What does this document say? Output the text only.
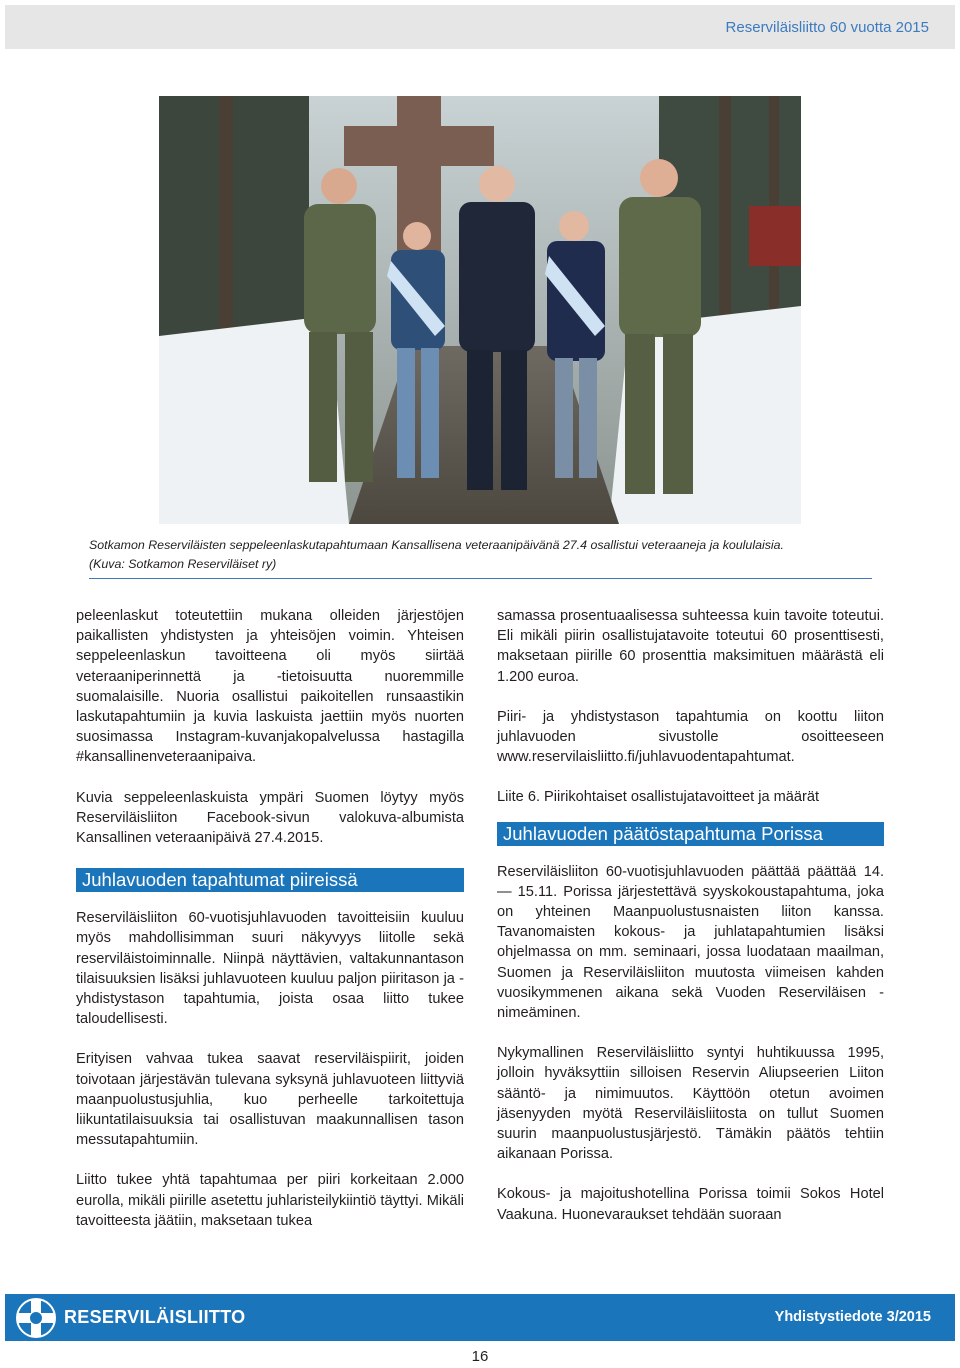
Reserviläisliitto 60 vuotta 2015
Sotkamon Reserviläisten seppeleenlaskutapahtumaan Kansallisena veteraanipäivänä 27.4 osallistui veteraaneja ja koululaisia.
(Kuva: Sotkamon Reserviläiset ry)

peleenlaskut toteutettiin mukana olleiden järjestöjen paikallisten yhdistysten ja yhteisöjen voimin. Yhteisen seppeleenlaskun tavoitteena oli myös siirtää veteraaniperinnettä ja -tietoisuutta nuoremmille suomalaisille. Nuoria osallistui paikoitellen runsaastikin laskutapahtumiin ja kuvia laskuista jaettiin myös nuorten suosimassa Instagram-kuvanjakopalvelussa hastagilla #kansallinenveteraanipaiva.

Kuvia seppeleenlaskuista ympäri Suomen löytyy myös Reserviläisliiton Facebook-sivun valokuva-albumista Kansallinen veteraanipäivä 27.4.2015.

Juhlavuoden tapahtumat piireissä

Reserviläisliiton 60-vuotisjuhlavuoden tavoitteisiin kuuluu myös mahdollisimman suuri näkyvyys liitolle sekä reserviläistoiminnalle. Niinpä näyttävien, valtakunnantason tilaisuuksien lisäksi juhlavuoteen kuuluu paljon piiritason ja -yhdistystason tapahtumia, joista osaa liitto tukee taloudellisesti.

Erityisen vahvaa tukea saavat reserviläispiirit, joiden toivotaan järjestävän tulevana syksynä juhlavuoteen liittyviä maanpuolustusjuhlia, kuo perheelle tarkoitettuja liikuntatilaisuuksia tai osallistuvan maakunnallisen tason messutapahtumiin.

Liitto tukee yhtä tapahtumaa per piiri korkeitaan 2.000 eurolla, mikäli piirille asetettu juhlaristeilykiintiö täyttyi. Mikäli tavoitteesta jäätiin, maksetaan tukea

samassa prosentuaalisessa suhteessa kuin tavoite toteutui. Eli mikäli piirin osallistujatavoite toteutui 60 prosenttisesti, maksetaan piirille 60 prosenttia maksimituen määrästä eli 1.200 euroa.

Piiri- ja yhdistystason tapahtumia on koottu liiton juhlavuoden sivustolle osoitteeseen www.reservilaisliitto.fi/juhlavuodentapahtumat.

Liite 6. Piirikohtaiset osallistujatavoitteet ja määrät

Juhlavuoden päätöstapahtuma Porissa

Reserviläisliiton 60-vuotisjuhlavuoden päättää päättää 14. — 15.11. Porissa järjestettävä syyskokoustapahtuma, joka on yhteinen Maanpuolustusnaisten liiton kanssa. Tavanomaisten kokous- ja juhlatapahtumien lisäksi ohjelmassa on mm. seminaari, jossa luodataan maailman, Suomen ja Reserviläisliiton muutosta viimeisen kahden vuosikymmenen aikana sekä Vuoden Reserviläisen -nimeäminen.

Nykymallinen Reserviläisliitto syntyi huhtikuussa 1995, jolloin hyväksyttiin silloisen Reservin Aliupseerien Liiton sääntö- ja nimimuutos. Käyttöön otetun avoimen jäsenyyden myötä Reserviläisliitosta on tullut Suomen suurin maanpuolustusjärjestö. Tämäkin päätös tehtiin aikanaan Porissa.

Kokous- ja majoitushotellina Porissa toimii Sokos Hotel Vaakuna. Huonevaraukset tehdään suoraan

RESERVILÄISLIITTO	Yhdistystiedote 3/2015
16
